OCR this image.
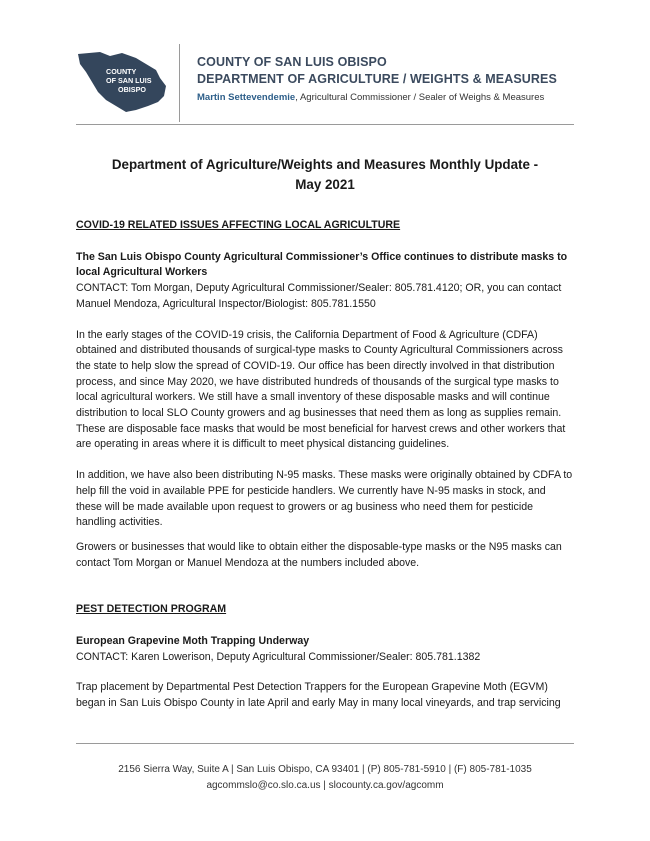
COUNTY
OF SAN LUIS
OBISPO
COUNTY OF SAN LUIS OBISPO
DEPARTMENT OF AGRICULTURE / WEIGHTS & MEASURES
Martin Settevendemie, Agricultural Commissioner / Sealer of Weighs & Measures
Department of Agriculture/Weights and Measures Monthly Update -
May 2021

COVID-19 RELATED ISSUES AFFECTING LOCAL AGRICULTURE

The San Luis Obispo County Agricultural Commissioner’s Office continues to distribute masks to local Agricultural Workers

CONTACT: Tom Morgan, Deputy Agricultural Commissioner/Sealer: 805.781.4120; OR, you can contact Manuel Mendoza, Agricultural Inspector/Biologist: 805.781.1550

In the early stages of the COVID-19 crisis, the California Department of Food & Agriculture (CDFA) obtained and distributed thousands of surgical-type masks to County Agricultural Commissioners across the state to help slow the spread of COVID-19. Our office has been directly involved in that distribution process, and since May 2020, we have distributed hundreds of thousands of the surgical type masks to local agricultural workers. We still have a small inventory of these disposable masks and will continue distribution to local SLO County growers and ag businesses that need them as long as supplies remain. These are disposable face masks that would be most beneficial for harvest crews and other workers that are operating in areas where it is difficult to meet physical distancing guidelines.

In addition, we have also been distributing N-95 masks. These masks were originally obtained by CDFA to help fill the void in available PPE for pesticide handlers. We currently have N-95 masks in stock, and these will be made available upon request to growers or ag business who need them for pesticide handling activities.

Growers or businesses that would like to obtain either the disposable-type masks or the N95 masks can contact Tom Morgan or Manuel Mendoza at the numbers included above.

PEST DETECTION PROGRAM

European Grapevine Moth Trapping Underway

CONTACT: Karen Lowerison, Deputy Agricultural Commissioner/Sealer: 805.781.1382

Trap placement by Departmental Pest Detection Trappers for the European Grapevine Moth (EGVM) began in San Luis Obispo County in late April and early May in many local vineyards, and trap servicing

2156 Sierra Way, Suite A | San Luis Obispo, CA 93401 | (P) 805-781-5910 | (F) 805-781-1035
agcommslo@co.slo.ca.us | slocounty.ca.gov/agcomm
